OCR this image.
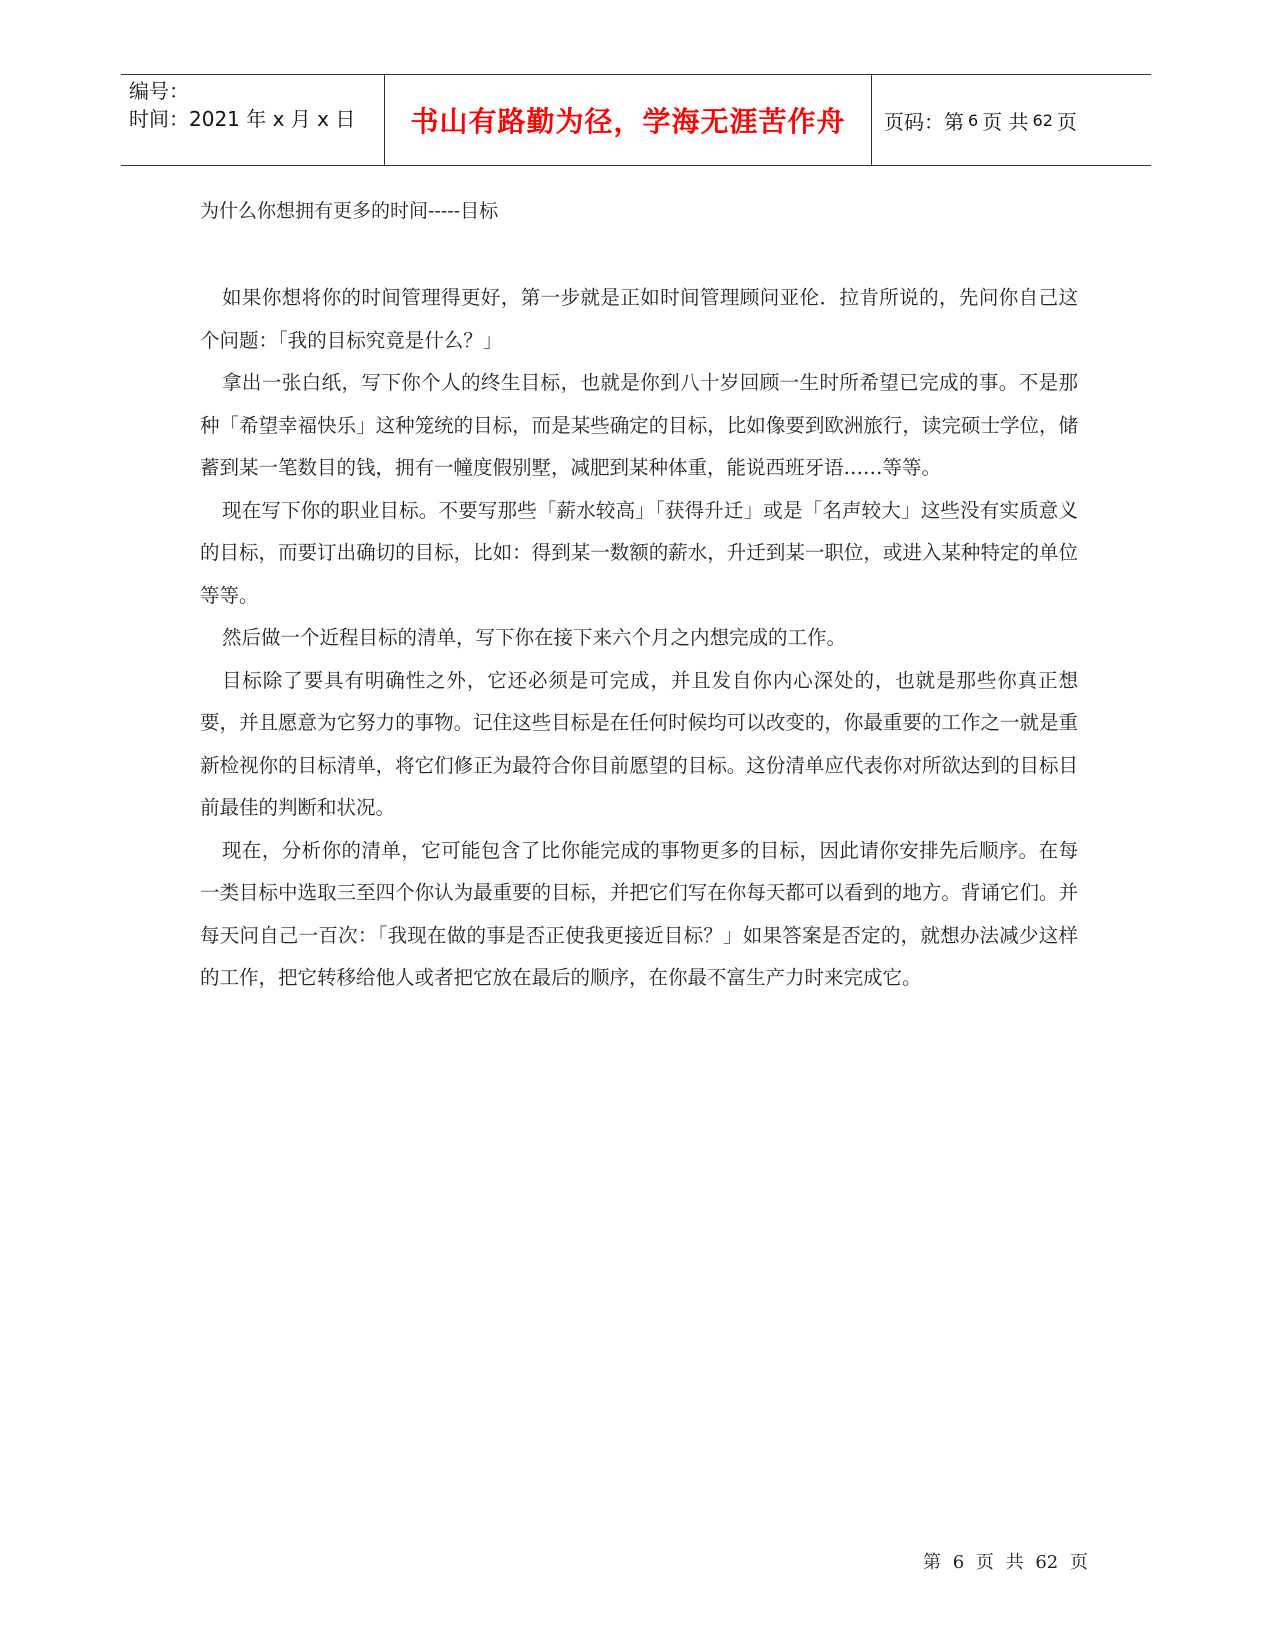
编号：
时间：2021 年 x 月 x 日 书山有路勤为径，学海无涯苦作舟 页码：第 6 页 共 62 页
为什么你想拥有更多的时间-----目标

如果你想将你的时间管理得更好，第一步就是正如时间管理顾问亚伦．拉肯所说的，先问你自己这个问题：「我的目标究竟是什么？」

拿出一张白纸，写下你个人的终生目标，也就是你到八十岁回顾一生时所希望已完成的事。不是那种「希望幸福快乐」这种笼统的目标，而是某些确定的目标，比如像要到欧洲旅行，读完硕士学位，储蓄到某一笔数目的钱，拥有一幢度假别墅，减肥到某种体重，能说西班牙语……等等。

现在写下你的职业目标。不要写那些「薪水较高」「获得升迁」或是「名声较大」这些没有实质意义的目标，而要订出确切的目标，比如：得到某一数额的薪水，升迁到某一职位，或进入某种特定的单位等等。

然后做一个近程目标的清单，写下你在接下来六个月之内想完成的工作。

目标除了要具有明确性之外，它还必须是可完成，并且发自你内心深处的，也就是那些你真正想要，并且愿意为它努力的事物。记住这些目标是在任何时候均可以改变的，你最重要的工作之一就是重新检视你的目标清单，将它们修正为最符合你目前愿望的目标。这份清单应代表你对所欲达到的目标目前最佳的判断和状况。

现在，分析你的清单，它可能包含了比你能完成的事物更多的目标，因此请你安排先后顺序。在每一类目标中选取三至四个你认为最重要的目标，并把它们写在你每天都可以看到的地方。背诵它们。并每天问自己一百次：「我现在做的事是否正使我更接近目标？」如果答案是否定的，就想办法减少这样的工作，把它转移给他人或者把它放在最后的顺序，在你最不富生产力时来完成它。

第 6 页 共 62 页
